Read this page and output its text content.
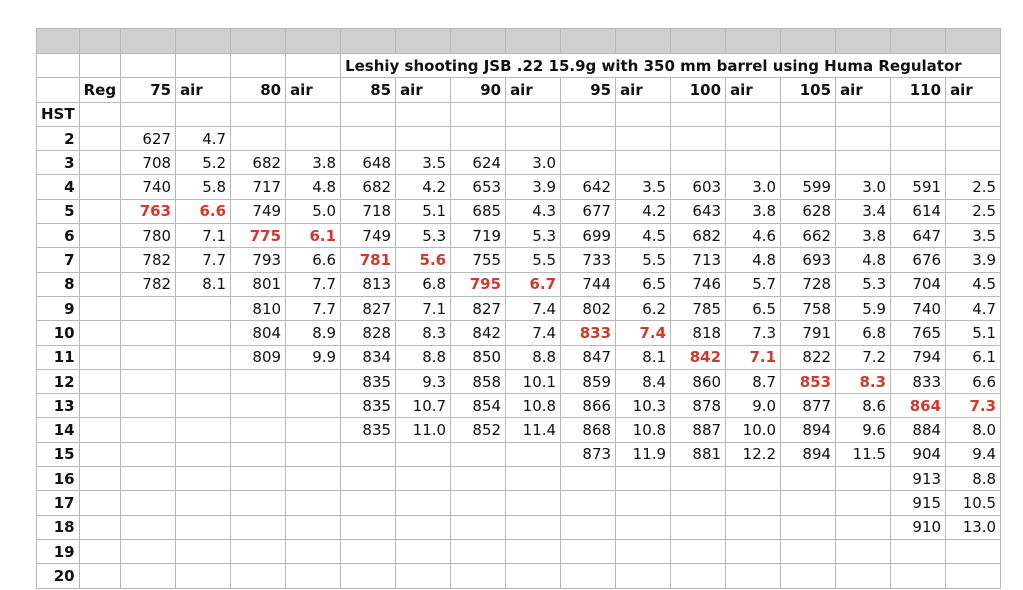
						Leshiy shooting JSB .22 15.9g with 350 mm barrel using Huma Regulator											
	Reg	75	air	80	air	85	air	90	air	95	air	100	air	105	air	110	air
HST																	
2		627	4.7														
3		708	5.2	682	3.8	648	3.5	624	3.0								
4		740	5.8	717	4.8	682	4.2	653	3.9	642	3.5	603	3.0	599	3.0	591	2.5
5		763	6.6	749	5.0	718	5.1	685	4.3	677	4.2	643	3.8	628	3.4	614	2.5
6		780	7.1	775	6.1	749	5.3	719	5.3	699	4.5	682	4.6	662	3.8	647	3.5
7		782	7.7	793	6.6	781	5.6	755	5.5	733	5.5	713	4.8	693	4.8	676	3.9
8		782	8.1	801	7.7	813	6.8	795	6.7	744	6.5	746	5.7	728	5.3	704	4.5
9				810	7.7	827	7.1	827	7.4	802	6.2	785	6.5	758	5.9	740	4.7
10				804	8.9	828	8.3	842	7.4	833	7.4	818	7.3	791	6.8	765	5.1
11				809	9.9	834	8.8	850	8.8	847	8.1	842	7.1	822	7.2	794	6.1
12						835	9.3	858	10.1	859	8.4	860	8.7	853	8.3	833	6.6
13						835	10.7	854	10.8	866	10.3	878	9.0	877	8.6	864	7.3
14						835	11.0	852	11.4	868	10.8	887	10.0	894	9.6	884	8.0
15										873	11.9	881	12.2	894	11.5	904	9.4
16																913	8.8
17																915	10.5
18																910	13.0
19																	
20																	
